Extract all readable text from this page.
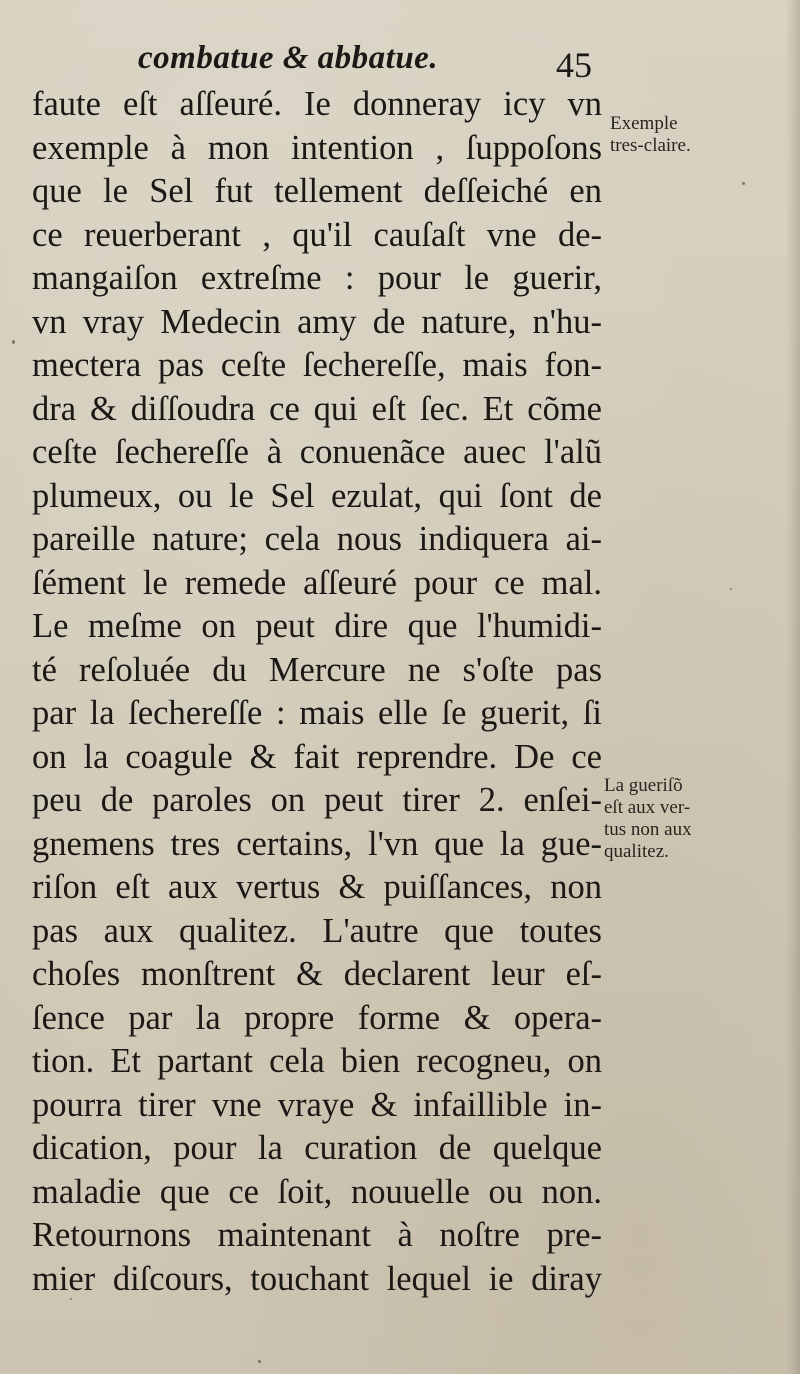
combatue & abbatue.	45
faute eſt aſſeuré. Ie donneray icy vn
exemple à mon intention , ſuppoſons
que le Sel fut tellement deſſeiché en
ce reuerberant , qu'il cauſaſt vne de-
mangaiſon extreſme : pour le guerir,
vn vray Medecin amy de nature, n'hu-
mectera pas ceſte ſechereſſe, mais fon-
dra & diſſoudra ce qui eſt ſec. Et cõme
ceſte ſechereſſe à conuenãce auec l'alũ
plumeux, ou le Sel ezulat, qui ſont de
pareille nature; cela nous indiquera ai-
ſément le remede aſſeuré pour ce mal.
Le meſme on peut dire que l'humidi-
té reſoluée du Mercure ne s'oſte pas
par la ſechereſſe : mais elle ſe guerit, ſi
on la coagule & fait reprendre. De ce
peu de paroles on peut tirer 2. enſei-
gnemens tres certains, l'vn que la gue-
riſon eſt aux vertus & puiſſances, non
pas aux qualitez. L'autre que toutes
choſes monſtrent & declarent leur eſ-
ſence par la propre forme & opera-
tion. Et partant cela bien recogneu, on
pourra tirer vne vraye & infaillible in-
dication, pour la curation de quelque
maladie que ce ſoit, nouuelle ou non.
Retournons maintenant à noſtre pre-
mier diſcours, touchant lequel ie diray
Exemple
tres-claire.
La gueriſõ
eſt aux ver-
tus non aux
qualitez.
